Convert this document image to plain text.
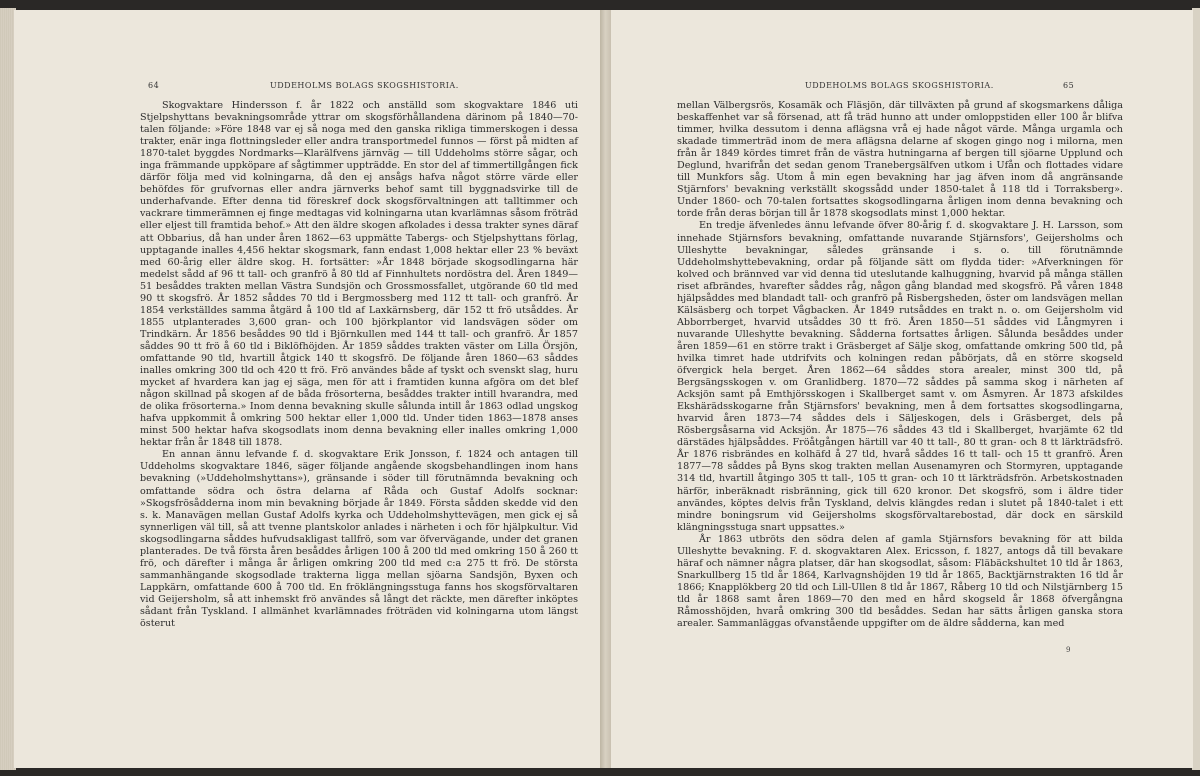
64	UDDEHOLMS BOLAGS SKOGSHISTORIA.

Skogvaktare Hindersson f. år 1822 och anställd som skogvaktare 1846 uti Stjelpshyttans bevakningsområde yttrar om skogsförhållandena därinom på 1840—70-talen följande: »Före 1848 var ej så noga med den ganska rikliga timmerskogen i dessa trakter, enär inga flottningsleder eller andra transportmedel funnos — först på midten af 1870-talet byggdes Nordmarks—Klarälfvens järnväg — till Uddeholms större sågar, och inga främmande uppköpare af sågtimmer uppträdde. En stor del af timmertillgången fick därför följa med vid kolningarna, då den ej ansågs hafva något större värde eller behöfdes för grufvornas eller andra järnverks behof samt till byggnadsvirke till de underhafvande. Efter denna tid föreskref dock skogsförvaltningen att talltimmer och vackrare timmerämnen ej finge medtagas vid kolningarna utan kvarlämnas såsom fröträd eller eljest till framtida behof.» Att den äldre skogen afkolades i dessa trakter synes däraf att Obbarius, då han under åren 1862—63 uppmätte Tabergs- och Stjelpshyttans förlag, upptagande inalles 4,456 hektar skogsmark, fann endast 1,008 hektar eller 23 % beväxt med 60-årig eller äldre skog. H. fortsätter: »År 1848 började skogsodlingarna här medelst sådd af 96 tt tall- och granfrö å 80 tld af Finnhultets nordöstra del. Åren 1849—51 besåddes trakten mellan Västra Sundsjön och Grossmossfallet, utgörande 60 tld med 90 tt skogsfrö. År 1852 såddes 70 tld i Bergmossberg med 112 tt tall- och granfrö. År 1854 verkställdes samma åtgärd å 100 tld af Laxkärnsberg, där 152 tt frö utsåddes. År 1855 utplanterades 3,600 gran- och 100 björkplantor vid landsvägen söder om Trindkärn. År 1856 besåddes 90 tld i Björnkullen med 144 tt tall- och granfrö. År 1857 såddes 90 tt frö å 60 tld i Biklöfhöjden. År 1859 såddes trakten väster om Lilla Örsjön, omfattande 90 tld, hvartill åtgick 140 tt skogsfrö. De följande åren 1860—63 såddes inalles omkring 300 tld och 420 tt frö. Frö användes både af tyskt och svenskt slag, huru mycket af hvardera kan jag ej säga, men för att i framtiden kunna afgöra om det blef någon skillnad på skogen af de båda frösorterna, besåddes trakter intill hvarandra, med de olika frösorterna.» Inom denna bevakning skulle sålunda intill år 1863 odlad ungskog hafva uppkommit å omkring 500 hektar eller 1,000 tld. Under tiden 1863—1878 anses minst 500 hektar hafva skogsodlats inom denna bevakning eller inalles omkring 1,000 hektar från år 1848 till 1878.

En annan ännu lefvande f. d. skogvaktare Erik Jonsson, f. 1824 och antagen till Uddeholms skogvaktare 1846, säger följande angående skogsbehandlingen inom hans bevakning (»Uddeholmshyttans»), gränsande i söder till förutnämnda bevakning och omfattande södra och östra delarna af Råda och Gustaf Adolfs socknar: »Skogsfrösådderna inom min bevakning började år 1849. Första sådden skedde vid den s. k. Manavägen mellan Gustaf Adolfs kyrka och Uddeholmshyttevägen, men gick ej så synnerligen väl till, så att tvenne plantskolor anlades i närheten i och för hjälpkultur. Vid skogsodlingarna såddes hufvudsakligast tallfrö, som var öfvervägande, under det granen planterades. De två första åren besåddes årligen 100 å 200 tld med omkring 150 å 260 tt frö, och därefter i många år årligen omkring 200 tld med c:a 275 tt frö. De största sammanhängande skogsodlade trakterna ligga mellan sjöarna Sandsjön, Byxen och Lappkärn, omfattande 600 å 700 tld. En fröklängningsstuga fanns hos skogsförvaltaren vid Geijersholm, så att inhemskt frö användes så långt det räckte, men därefter inköptes sådant från Tyskland. I allmänhet kvarlämnades fröträden vid kolningarna utom längst österut

UDDEHOLMS BOLAGS SKOGSHISTORIA.	65

mellan Välbergsrös, Kosamäk och Fläsjön, där tillväxten på grund af skogsmarkens dåliga beskaffenhet var så försenad, att få träd hunno att under omloppstiden eller 100 år blifva timmer, hvilka dessutom i denna aflägsna vrå ej hade något värde. Många urgamla och skadade timmerträd inom de mera aflägsna delarne af skogen gingo nog i milorna, men från år 1849 kördes timret från de västra hutningarna af bergen till sjöarne Upplund och Deglund, hvarifrån det sedan genom Tranebergsälfven utkom i Ufån och flottades vidare till Munkfors såg. Utom å min egen bevakning har jag äfven inom då angränsande Stjärnfors' bevakning verkställt skogssådd under 1850-talet å 118 tld i Torraksberg». Under 1860- och 70-talen fortsattes skogsodlingarna årligen inom denna bevakning och torde från deras början till år 1878 skogsodlats minst 1,000 hektar.

En tredje äfvenledes ännu lefvande öfver 80-årig f. d. skogvaktare J. H. Larsson, som innehade Stjärnsfors bevakning, omfattande nuvarande Stjärnsfors', Geijersholms och Ulleshytte bevakningar, således gränsande i s. o. till förutnämnde Uddeholmshyttebevakning, ordar på följande sätt om flydda tider: »Afverkningen för kolved och brännved var vid denna tid uteslutande kalhuggning, hvarvid på många ställen riset afbrändes, hvarefter såddes råg, någon gång blandad med skogsfrö. På våren 1848 hjälpsåddes med blandadt tall- och granfrö på Risbergsheden, öster om landsvägen mellan Kälsäsberg och torpet Vågbacken. År 1849 rutsåddes en trakt n. o. om Geijersholm vid Abborrberget, hvarvid utsåddes 30 tt frö. Åren 1850—51 såddes vid Långmyren i nuvarande Ulleshytte bevakning. Sådderna fortsattes årligen. Sålunda besåddes under åren 1859—61 en större trakt i Gräsberget af Sälje skog, omfattande omkring 500 tld, på hvilka timret hade utdrifvits och kolningen redan påbörjats, då en större skogseld öfvergick hela berget. Åren 1862—64 såddes stora arealer, minst 300 tld, på Bergsängsskogen v. om Granlidberg. 1870—72 såddes på samma skog i närheten af Acksjön samt på Emthjörsskogen i Skallberget samt v. om Åsmyren. År 1873 afskildes Ekshärädsskogarne från Stjärnsfors' bevakning, men å dem fortsattes skogsodlingarna, hvarvid åren 1873—74 såddes dels i Säljeskogen, dels i Gräsberget, dels på Rösbergsåsarna vid Acksjön. År 1875—76 såddes 43 tld i Skallberget, hvarjämte 62 tld därstädes hjälpsåddes. Fröåtgången härtill var 40 tt tall-, 80 tt gran- och 8 tt lärkträdsfrö. År 1876 risbrändes en kolhäfd å 27 tld, hvarå såddes 16 tt tall- och 15 tt granfrö. Åren 1877—78 såddes på Byns skog trakten mellan Ausenamyren och Stormyren, upptagande 314 tld, hvartill åtgingo 305 tt tall-, 105 tt gran- och 10 tt lärkträdsfrön. Arbetskostnaden härför, inberäknadt risbränning, gick till 620 kronor. Det skogsfrö, som i äldre tider användes, köptes delvis från Tyskland, delvis klängdes redan i slutet på 1840-talet i ett mindre boningsrum vid Geijersholms skogsförvaltarebostad, där dock en särskild klängningsstuga snart uppsattes.»

År 1863 utbröts den södra delen af gamla Stjärnsfors bevakning för att bilda Ulleshytte bevakning. F. d. skogvaktaren Alex. Ericsson, f. 1827, antogs då till bevakare häraf och nämner några platser, där han skogsodlat, såsom: Fläbäckshultet 10 tld år 1863, Snarkullberg 15 tld år 1864, Karlvagnshöjden 19 tld år 1865, Backtjärnstrakten 16 tld år 1866; Knapplökberg 20 tld och Lill-Ullen 8 tld år 1867, Råberg 10 tld och Nilstjärnberg 15 tld år 1868 samt åren 1869—70 den med en hård skogseld år 1868 öfvergångna Råmosshöjden, hvarå omkring 300 tld besåddes. Sedan har sätts årligen ganska stora arealer. Sammanläggas ofvanstående uppgifter om de äldre sådderna, kan med

9
